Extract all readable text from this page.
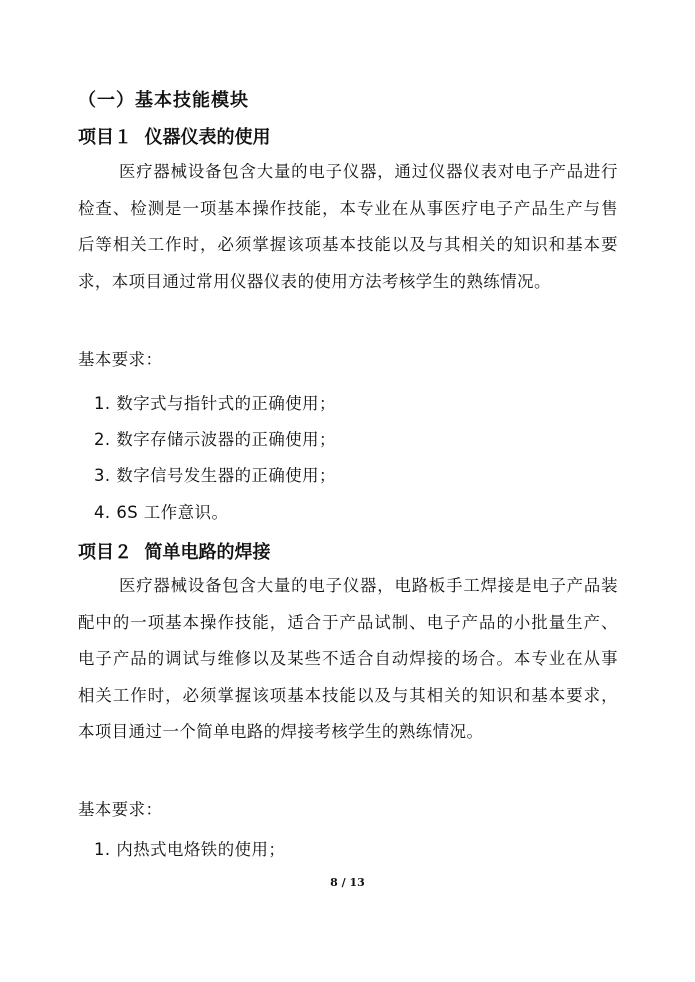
（一）基本技能模块
项目１  仪器仪表的使用

医疗器械设备包含大量的电子仪器，通过仪器仪表对电子产品进行检查、检测是一项基本操作技能，本专业在从事医疗电子产品生产与售后等相关工作时，必须掌握该项基本技能以及与其相关的知识和基本要求，本项目通过常用仪器仪表的使用方法考核学生的熟练情况。

基本要求：

1. 数字式与指针式的正确使用；

2. 数字存储示波器的正确使用；

3. 数字信号发生器的正确使用；

4. 6S 工作意识。

项目２  简单电路的焊接

医疗器械设备包含大量的电子仪器，电路板手工焊接是电子产品装配中的一项基本操作技能，适合于产品试制、电子产品的小批量生产、电子产品的调试与维修以及某些不适合自动焊接的场合。本专业在从事相关工作时，必须掌握该项基本技能以及与其相关的知识和基本要求，本项目通过一个简单电路的焊接考核学生的熟练情况。

基本要求：

1. 内热式电烙铁的使用；

8 / 13
